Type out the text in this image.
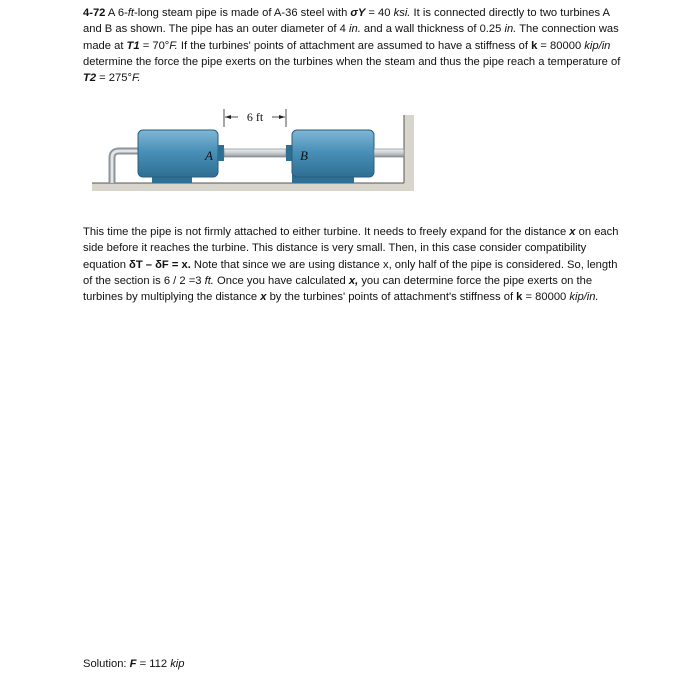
4-72 A 6-ft-long steam pipe is made of A-36 steel with σY = 40 ksi. It is connected directly to two turbines A and B as shown. The pipe has an outer diameter of 4 in. and a wall thickness of 0.25 in. The connection was made at T1 = 70°F. If the turbines' points of attachment are assumed to have a stiffness of k = 80000 kip/in determine the force the pipe exerts on the turbines when the steam and thus the pipe reach a temperature of T2 = 275°F.

6 ft
A	B

This time the pipe is not firmly attached to either turbine. It needs to freely expand for the distance x on each side before it reaches the turbine. This distance is very small. Then, in this case consider compatibility equation δT – δF = x. Note that since we are using distance x, only half of the pipe is considered. So, length of the section is 6 / 2 =3 ft. Once you have calculated x, you can determine force the pipe exerts on the turbines by multiplying the distance x by the turbines' points of attachment's stiffness of k = 80000 kip/in.

Solution: F = 112 kip
